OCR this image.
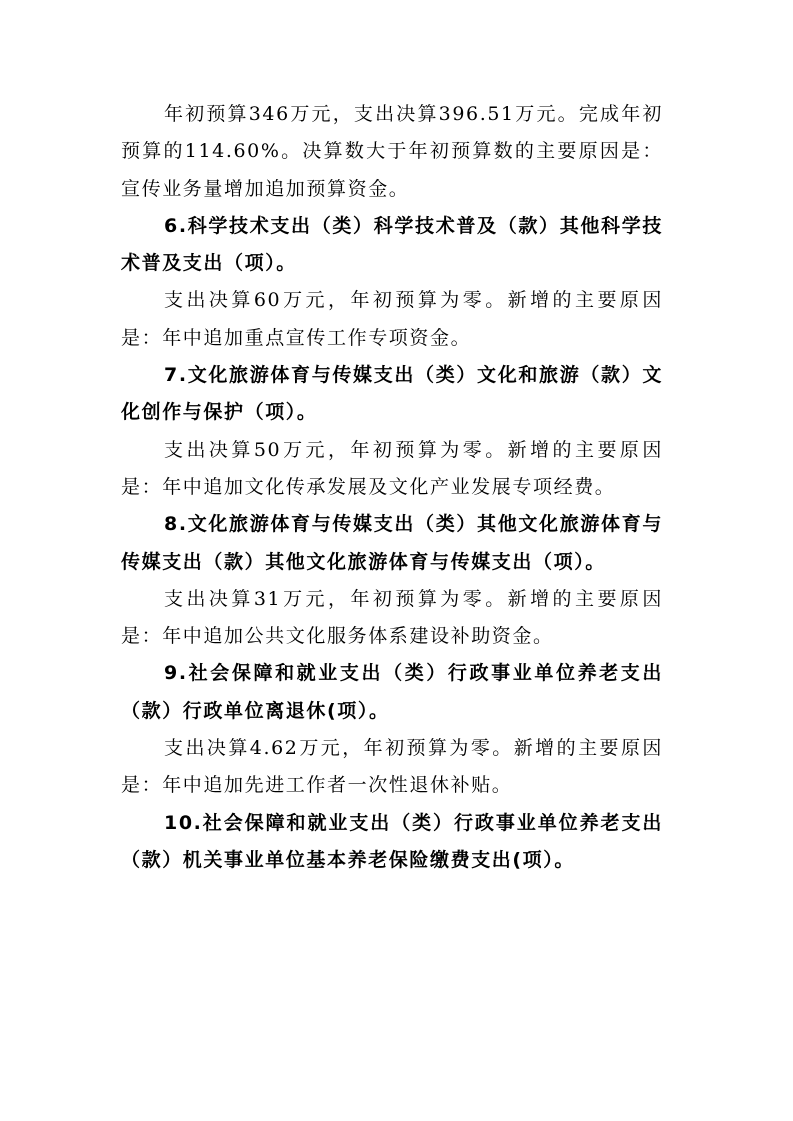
年初预算346万元，支出决算396.51万元。完成年初预算的114.60%。决算数大于年初预算数的主要原因是：宣传业务量增加追加预算资金。

6.科学技术支出（类）科学技术普及（款）其他科学技术普及支出（项）。

支出决算60万元，年初预算为零。新增的主要原因是：年中追加重点宣传工作专项资金。

7.文化旅游体育与传媒支出（类）文化和旅游（款）文化创作与保护（项）。

支出决算50万元，年初预算为零。新增的主要原因是：年中追加文化传承发展及文化产业发展专项经费。

8.文化旅游体育与传媒支出（类）其他文化旅游体育与传媒支出（款）其他文化旅游体育与传媒支出（项）。

支出决算31万元，年初预算为零。新增的主要原因是：年中追加公共文化服务体系建设补助资金。

9.社会保障和就业支出（类）行政事业单位养老支出（款）行政单位离退休(项）。

支出决算4.62万元，年初预算为零。新增的主要原因是：年中追加先进工作者一次性退休补贴。

10.社会保障和就业支出（类）行政事业单位养老支出（款）机关事业单位基本养老保险缴费支出(项）。
